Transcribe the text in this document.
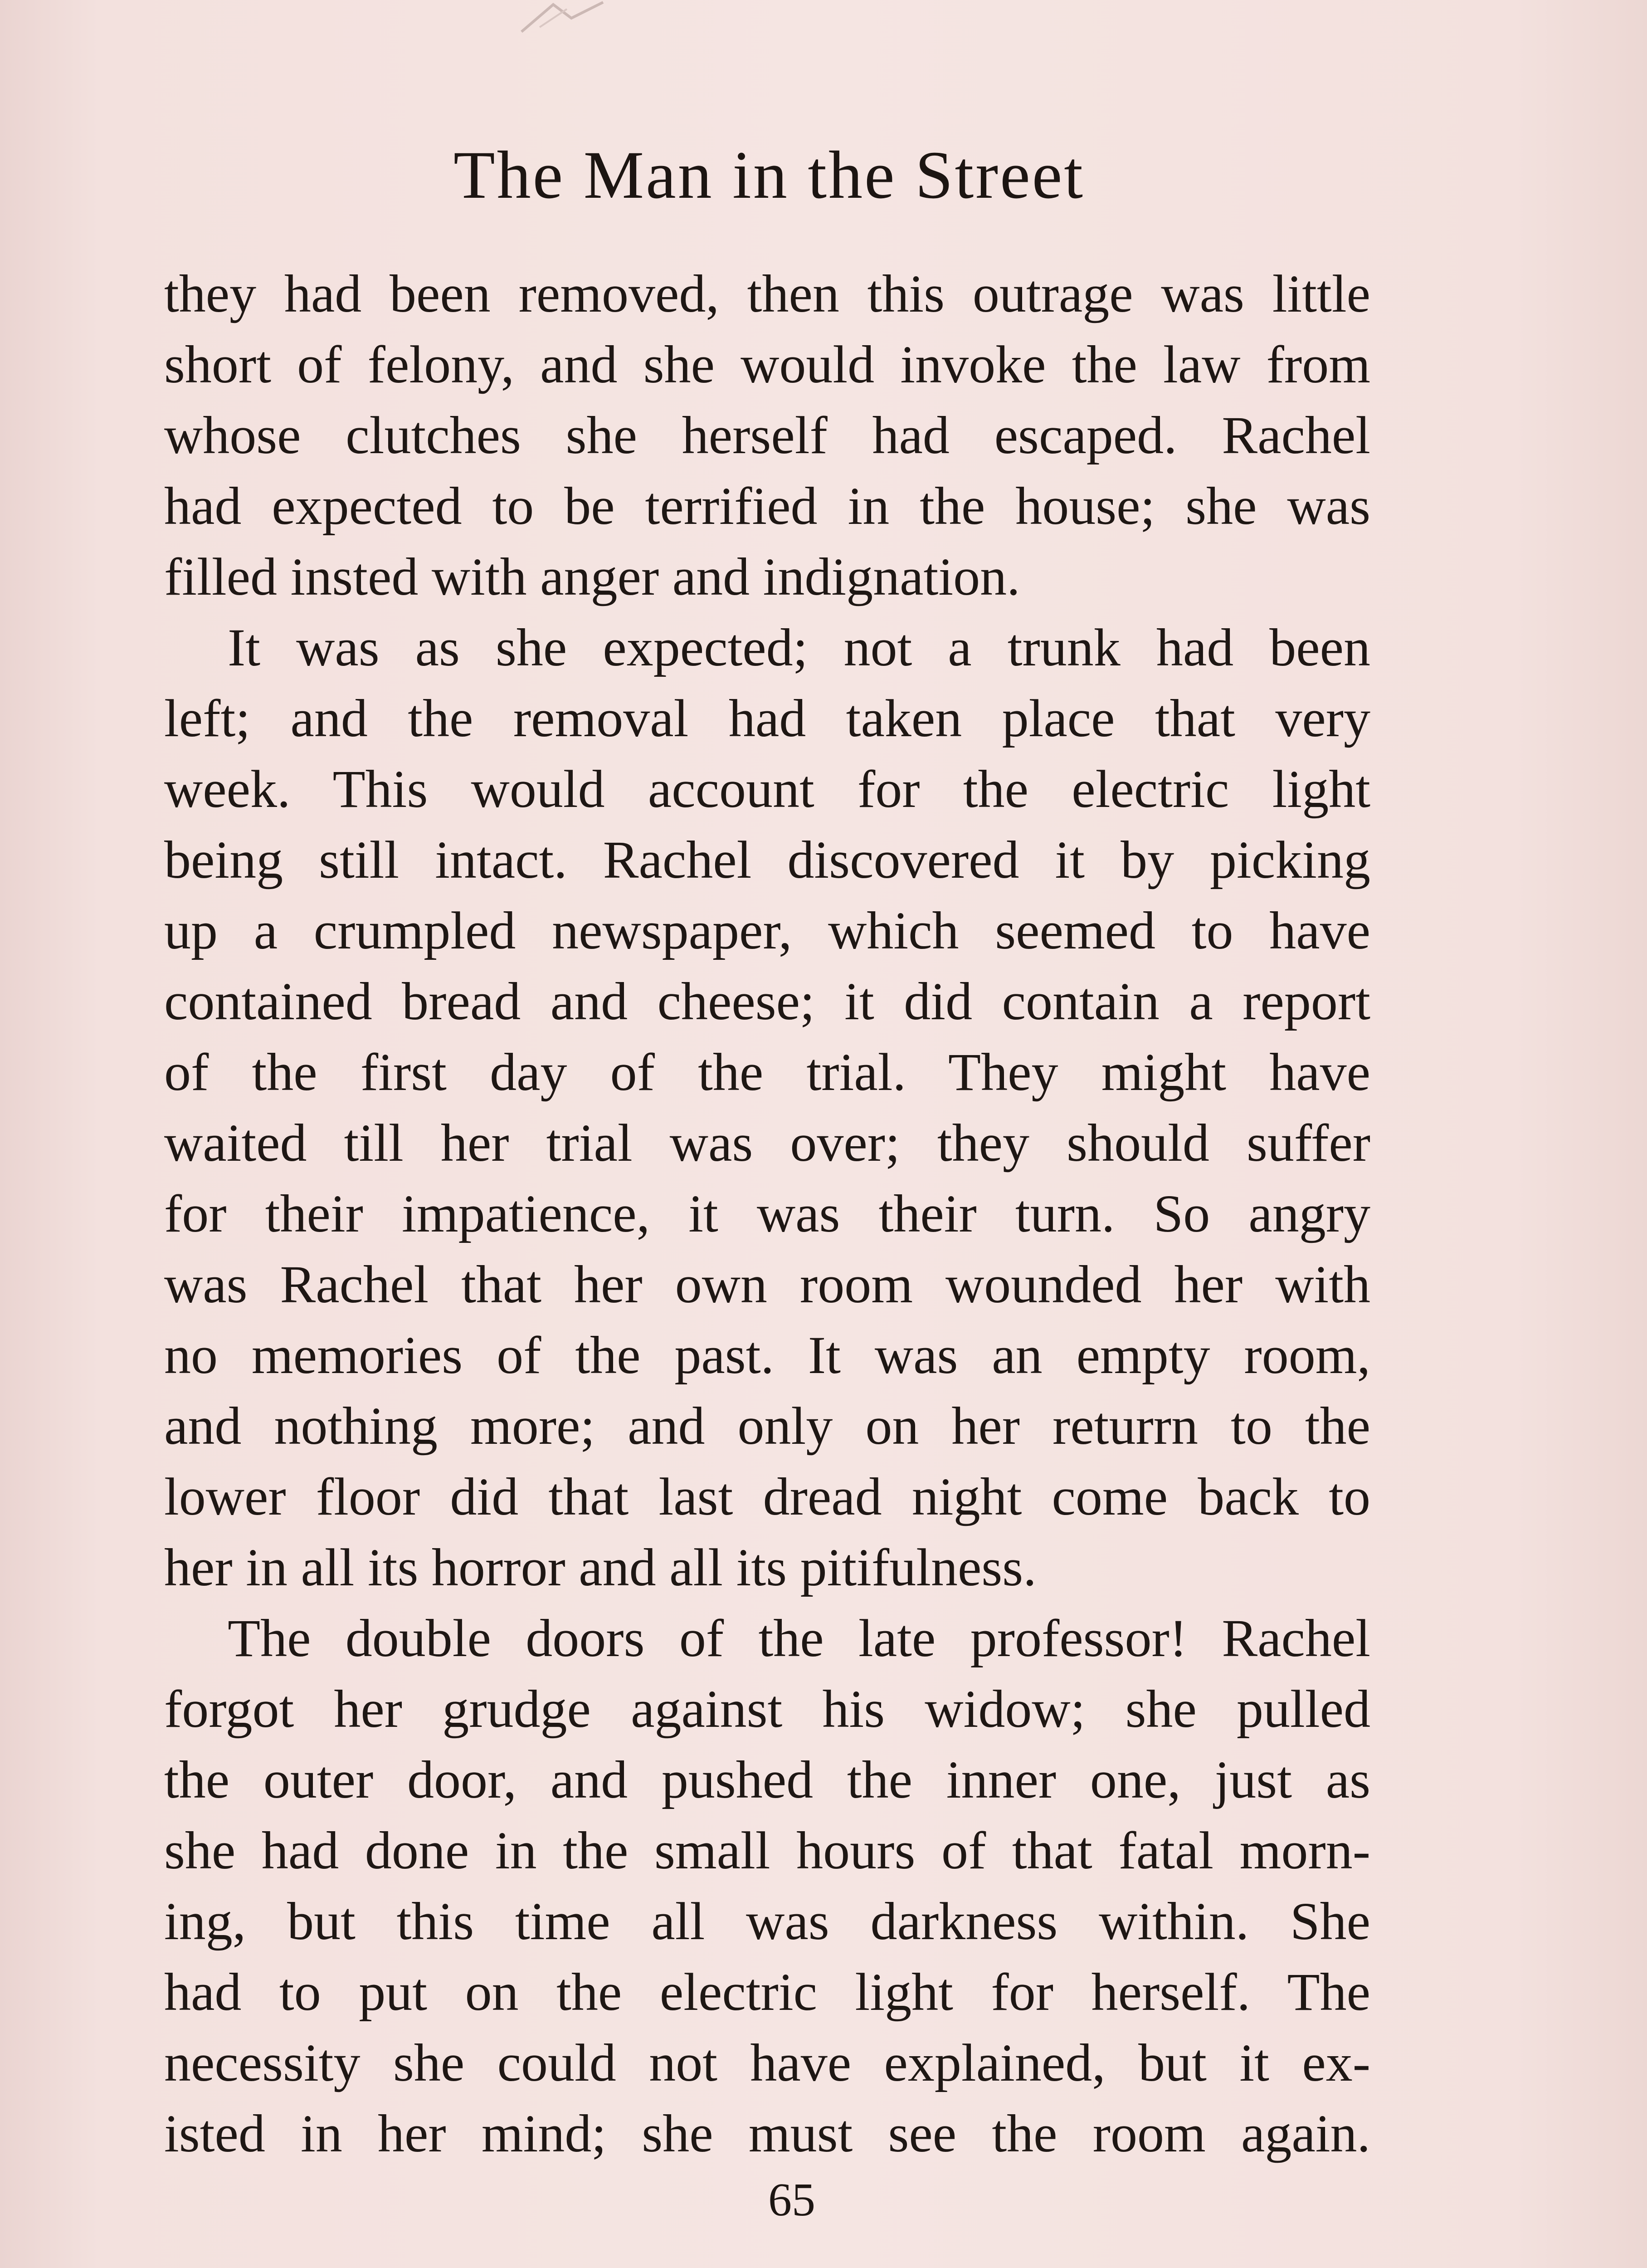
The Man in the Street
they had been removed, then this outrage was little
short of felony, and she would invoke the law from
whose clutches she herself had escaped. Rachel
had expected to be terrified in the house; she was
filled insted with anger and indignation.
It was as she expected; not a trunk had been
left; and the removal had taken place that very
week. This would account for the electric light
being still intact. Rachel discovered it by picking
up a crumpled newspaper, which seemed to have
contained bread and cheese; it did contain a report
of the first day of the trial. They might have
waited till her trial was over; they should suffer
for their impatience, it was their turn. So angry
was Rachel that her own room wounded her with
no memories of the past. It was an empty room,
and nothing more; and only on her returrn to the
lower floor did that last dread night come back to
her in all its horror and all its pitifulness.
The double doors of the late professor! Rachel
forgot her grudge against his widow; she pulled
the outer door, and pushed the inner one, just as
she had done in the small hours of that fatal morn-
ing, but this time all was darkness within. She
had to put on the electric light for herself. The
necessity she could not have explained, but it ex-
isted in her mind; she must see the room again.
65
